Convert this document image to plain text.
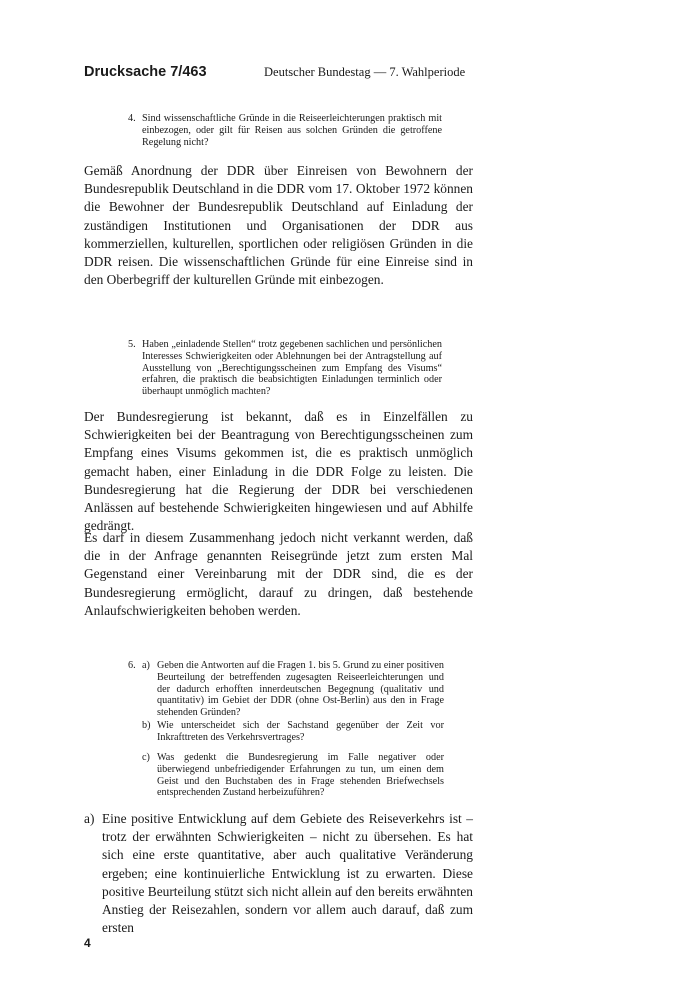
Drucksache 7/463	Deutscher Bundestag — 7. Wahlperiode
4. Sind wissenschaftliche Gründe in die Reiseerleichterungen praktisch mit einbezogen, oder gilt für Reisen aus solchen Gründen die getroffene Regelung nicht?
Gemäß Anordnung der DDR über Einreisen von Bewohnern der Bundesrepublik Deutschland in die DDR vom 17. Oktober 1972 können die Bewohner der Bundesrepublik Deutschland auf Einladung der zuständigen Institutionen und Organisationen der DDR aus kommerziellen, kulturellen, sportlichen oder religiösen Gründen in die DDR reisen. Die wissenschaftlichen Gründe für eine Einreise sind in den Oberbegriff der kulturellen Gründe mit einbezogen.
5. Haben „einladende Stellen“ trotz gegebenen sachlichen und persönlichen Interesses Schwierigkeiten oder Ablehnungen bei der Antragstellung auf Ausstellung von „Berechtigungsscheinen zum Empfang des Visums“ erfahren, die praktisch die beabsichtigten Einladungen terminlich oder überhaupt unmöglich machten?
Der Bundesregierung ist bekannt, daß es in Einzelfällen zu Schwierigkeiten bei der Beantragung von Berechtigungsscheinen zum Empfang eines Visums gekommen ist, die es praktisch unmöglich gemacht haben, einer Einladung in die DDR Folge zu leisten. Die Bundesregierung hat die Regierung der DDR bei verschiedenen Anlässen auf bestehende Schwierigkeiten hingewiesen und auf Abhilfe gedrängt.
Es darf in diesem Zusammenhang jedoch nicht verkannt werden, daß die in der Anfrage genannten Reisegründe jetzt zum ersten Mal Gegenstand einer Vereinbarung mit der DDR sind, die es der Bundesregierung ermöglicht, darauf zu dringen, daß bestehende Anlaufschwierigkeiten behoben werden.
6. a) Geben die Antworten auf die Fragen 1. bis 5. Grund zu einer positiven Beurteilung der betreffenden zugesagten Reiseerleichterungen und der dadurch erhofften innerdeutschen Begegnung (qualitativ und quantitativ) im Gebiet der DDR (ohne Ost-Berlin) aus den in Frage stehenden Gründen?
b) Wie unterscheidet sich der Sachstand gegenüber der Zeit vor Inkrafttreten des Verkehrsvertrages?
c) Was gedenkt die Bundesregierung im Falle negativer oder überwiegend unbefriedigender Erfahrungen zu tun, um einen dem Geist und den Buchstaben des in Frage stehenden Briefwechsels entsprechenden Zustand herbeizuführen?
a) Eine positive Entwicklung auf dem Gebiete des Reiseverkehrs ist – trotz der erwähnten Schwierigkeiten – nicht zu übersehen. Es hat sich eine erste quantitative, aber auch qualitative Veränderung ergeben; eine kontinuierliche Entwicklung ist zu erwarten. Diese positive Beurteilung stützt sich nicht allein auf den bereits erwähnten Anstieg der Reisezahlen, sondern vor allem auch darauf, daß zum ersten
4
